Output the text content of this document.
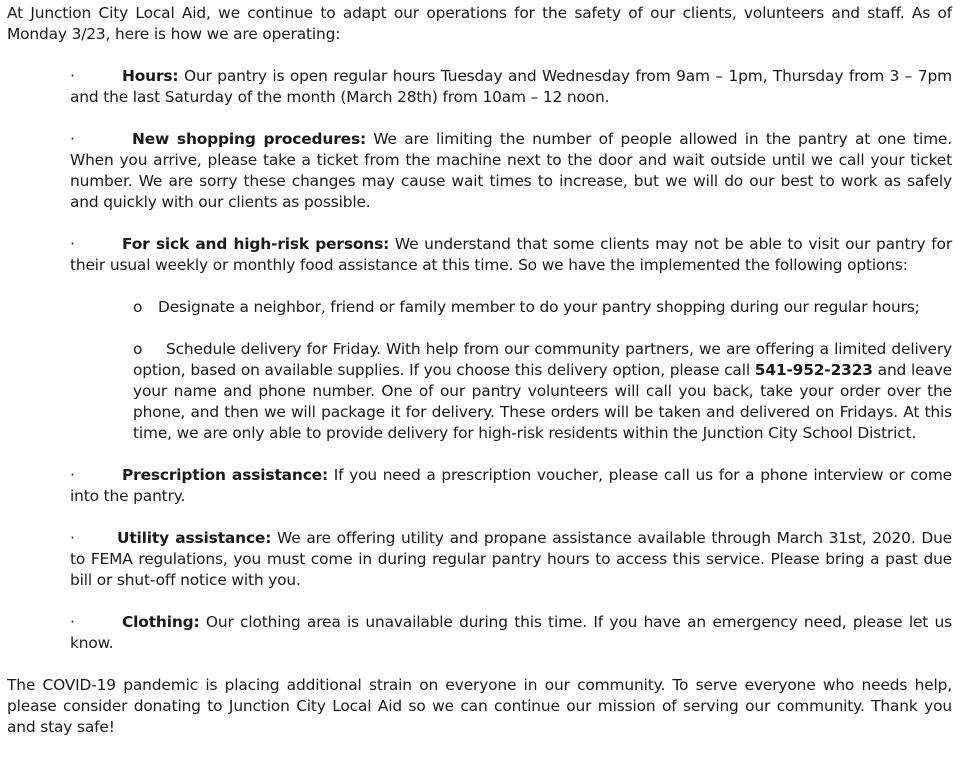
At Junction City Local Aid, we continue to adapt our operations for the safety of our clients, volunteers and staff. As of Monday 3/23, here is how we are operating:

·	Hours: Our pantry is open regular hours Tuesday and Wednesday from 9am – 1pm, Thursday from 3 – 7pm and the last Saturday of the month (March 28th) from 10am – 12 noon.

·	New shopping procedures: We are limiting the number of people allowed in the pantry at one time. When you arrive, please take a ticket from the machine next to the door and wait outside until we call your ticket number. We are sorry these changes may cause wait times to increase, but we will do our best to work as safely and quickly with our clients as possible.

·	For sick and high-risk persons: We understand that some clients may not be able to visit our pantry for their usual weekly or monthly food assistance at this time. So we have the implemented the following options:

o Designate a neighbor, friend or family member to do your pantry shopping during our regular hours;

o Schedule delivery for Friday. With help from our community partners, we are offering a limited delivery option, based on available supplies. If you choose this delivery option, please call 541-952-2323 and leave your name and phone number. One of our pantry volunteers will call you back, take your order over the phone, and then we will package it for delivery. These orders will be taken and delivered on Fridays. At this time, we are only able to provide delivery for high-risk residents within the Junction City School District.

·	Prescription assistance: If you need a prescription voucher, please call us for a phone interview or come into the pantry.

·	Utility assistance: We are offering utility and propane assistance available through March 31st, 2020. Due to FEMA regulations, you must come in during regular pantry hours to access this service. Please bring a past due bill or shut-off notice with you.

·	Clothing: Our clothing area is unavailable during this time. If you have an emergency need, please let us know.

The COVID-19 pandemic is placing additional strain on everyone in our community. To serve everyone who needs help, please consider donating to Junction City Local Aid so we can continue our mission of serving our community. Thank you and stay safe!
